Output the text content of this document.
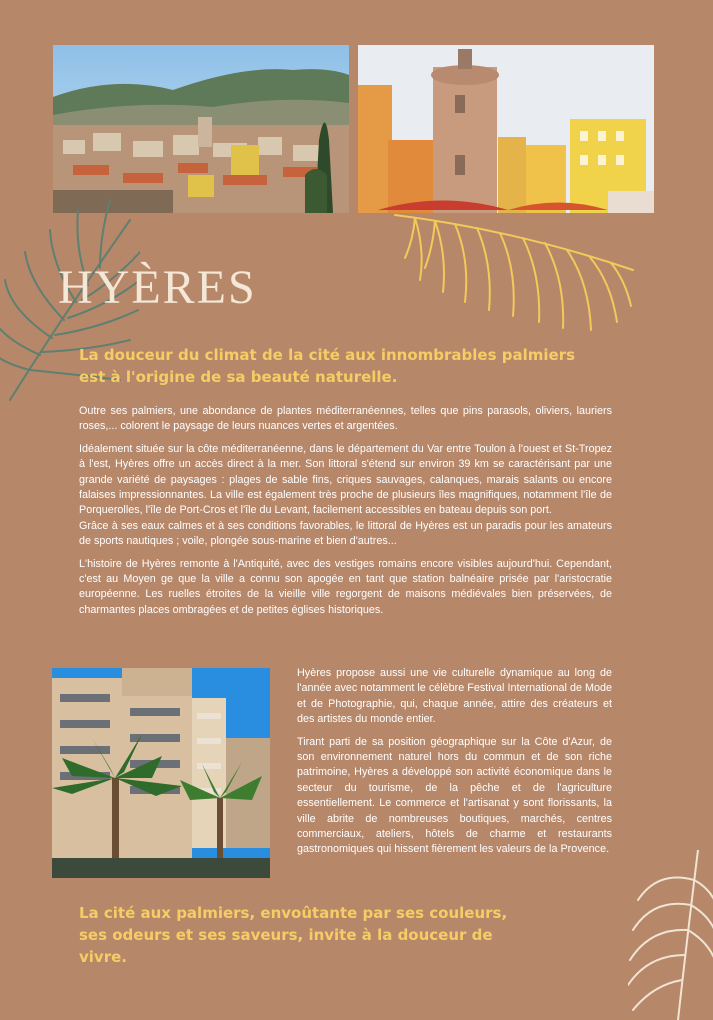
HYÈRES

La douceur du climat de la cité aux innombrables palmiers est à l'origine de sa beauté naturelle.

Outre ses palmiers, une abondance de plantes méditerranéennes, telles que pins parasols, oliviers, lauriers roses,... colorent le paysage de leurs nuances vertes et argentées.

Idéalement située sur la côte méditerranéenne, dans le département du Var entre Toulon à l'ouest et St-Tropez à l'est, Hyères offre un accès direct à la mer. Son littoral s'étend sur environ 39 km se caractérisant par une grande variété de paysages : plages de sable fins, criques sauvages, calanques, marais salants ou encore falaises impressionnantes. La ville est également très proche de plusieurs îles magnifiques, notamment l'île de Porquerolles, l'île de Port-Cros et l'île du Levant, facilement accessibles en bateau depuis son port.

Grâce à ses eaux calmes et à ses conditions favorables, le littoral de Hyères est un paradis pour les amateurs de sports nautiques ; voile, plongée sous-marine et bien d'autres...

L'histoire de Hyères remonte à l'Antiquité, avec des vestiges romains encore visibles aujourd'hui. Cependant, c'est au Moyen ge que la ville a connu son apogée en tant que station balnéaire prisée par l'aristocratie européenne. Les ruelles étroites de la vieille ville regorgent de maisons médiévales bien préservées, de charmantes places ombragées et de petites églises historiques.

Hyères propose aussi une vie culturelle dynamique au long de l'année avec notamment le célèbre Festival International de Mode et de Photographie, qui, chaque année, attire des créateurs et des artistes du monde entier.

Tirant parti de sa position géographique sur la Côte d'Azur, de son environnement naturel hors du commun et de son riche patrimoine, Hyères a développé son activité économique dans le secteur du tourisme, de la pêche et de l'agriculture essentiellement. Le commerce et l'artisanat y sont florissants, la ville abrite de nombreuses boutiques, marchés, centres commerciaux, ateliers, hôtels de charme et restaurants gastronomiques qui hissent fièrement les valeurs de la Provence.

La cité aux palmiers, envoûtante par ses couleurs, ses odeurs et ses saveurs, invite à la douceur de vivre.
